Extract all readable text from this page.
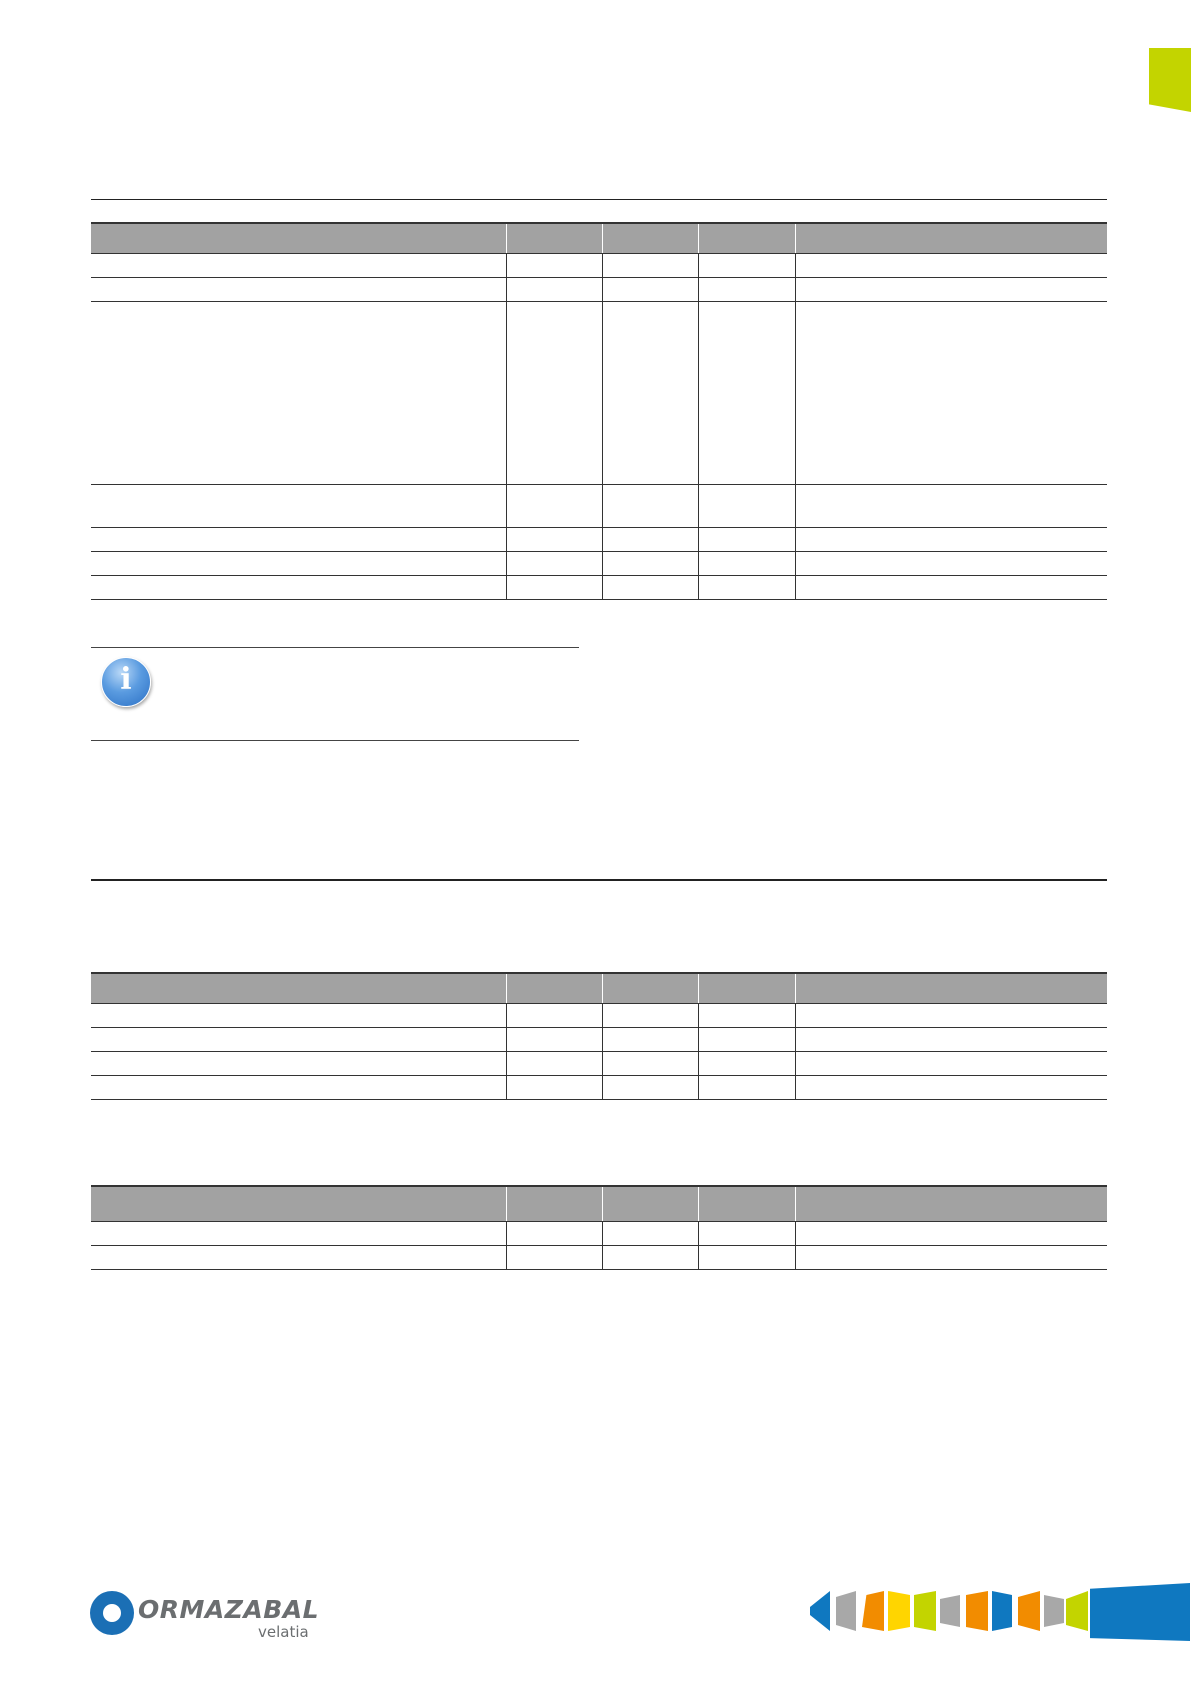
i

ORMAZABAL
velatia
